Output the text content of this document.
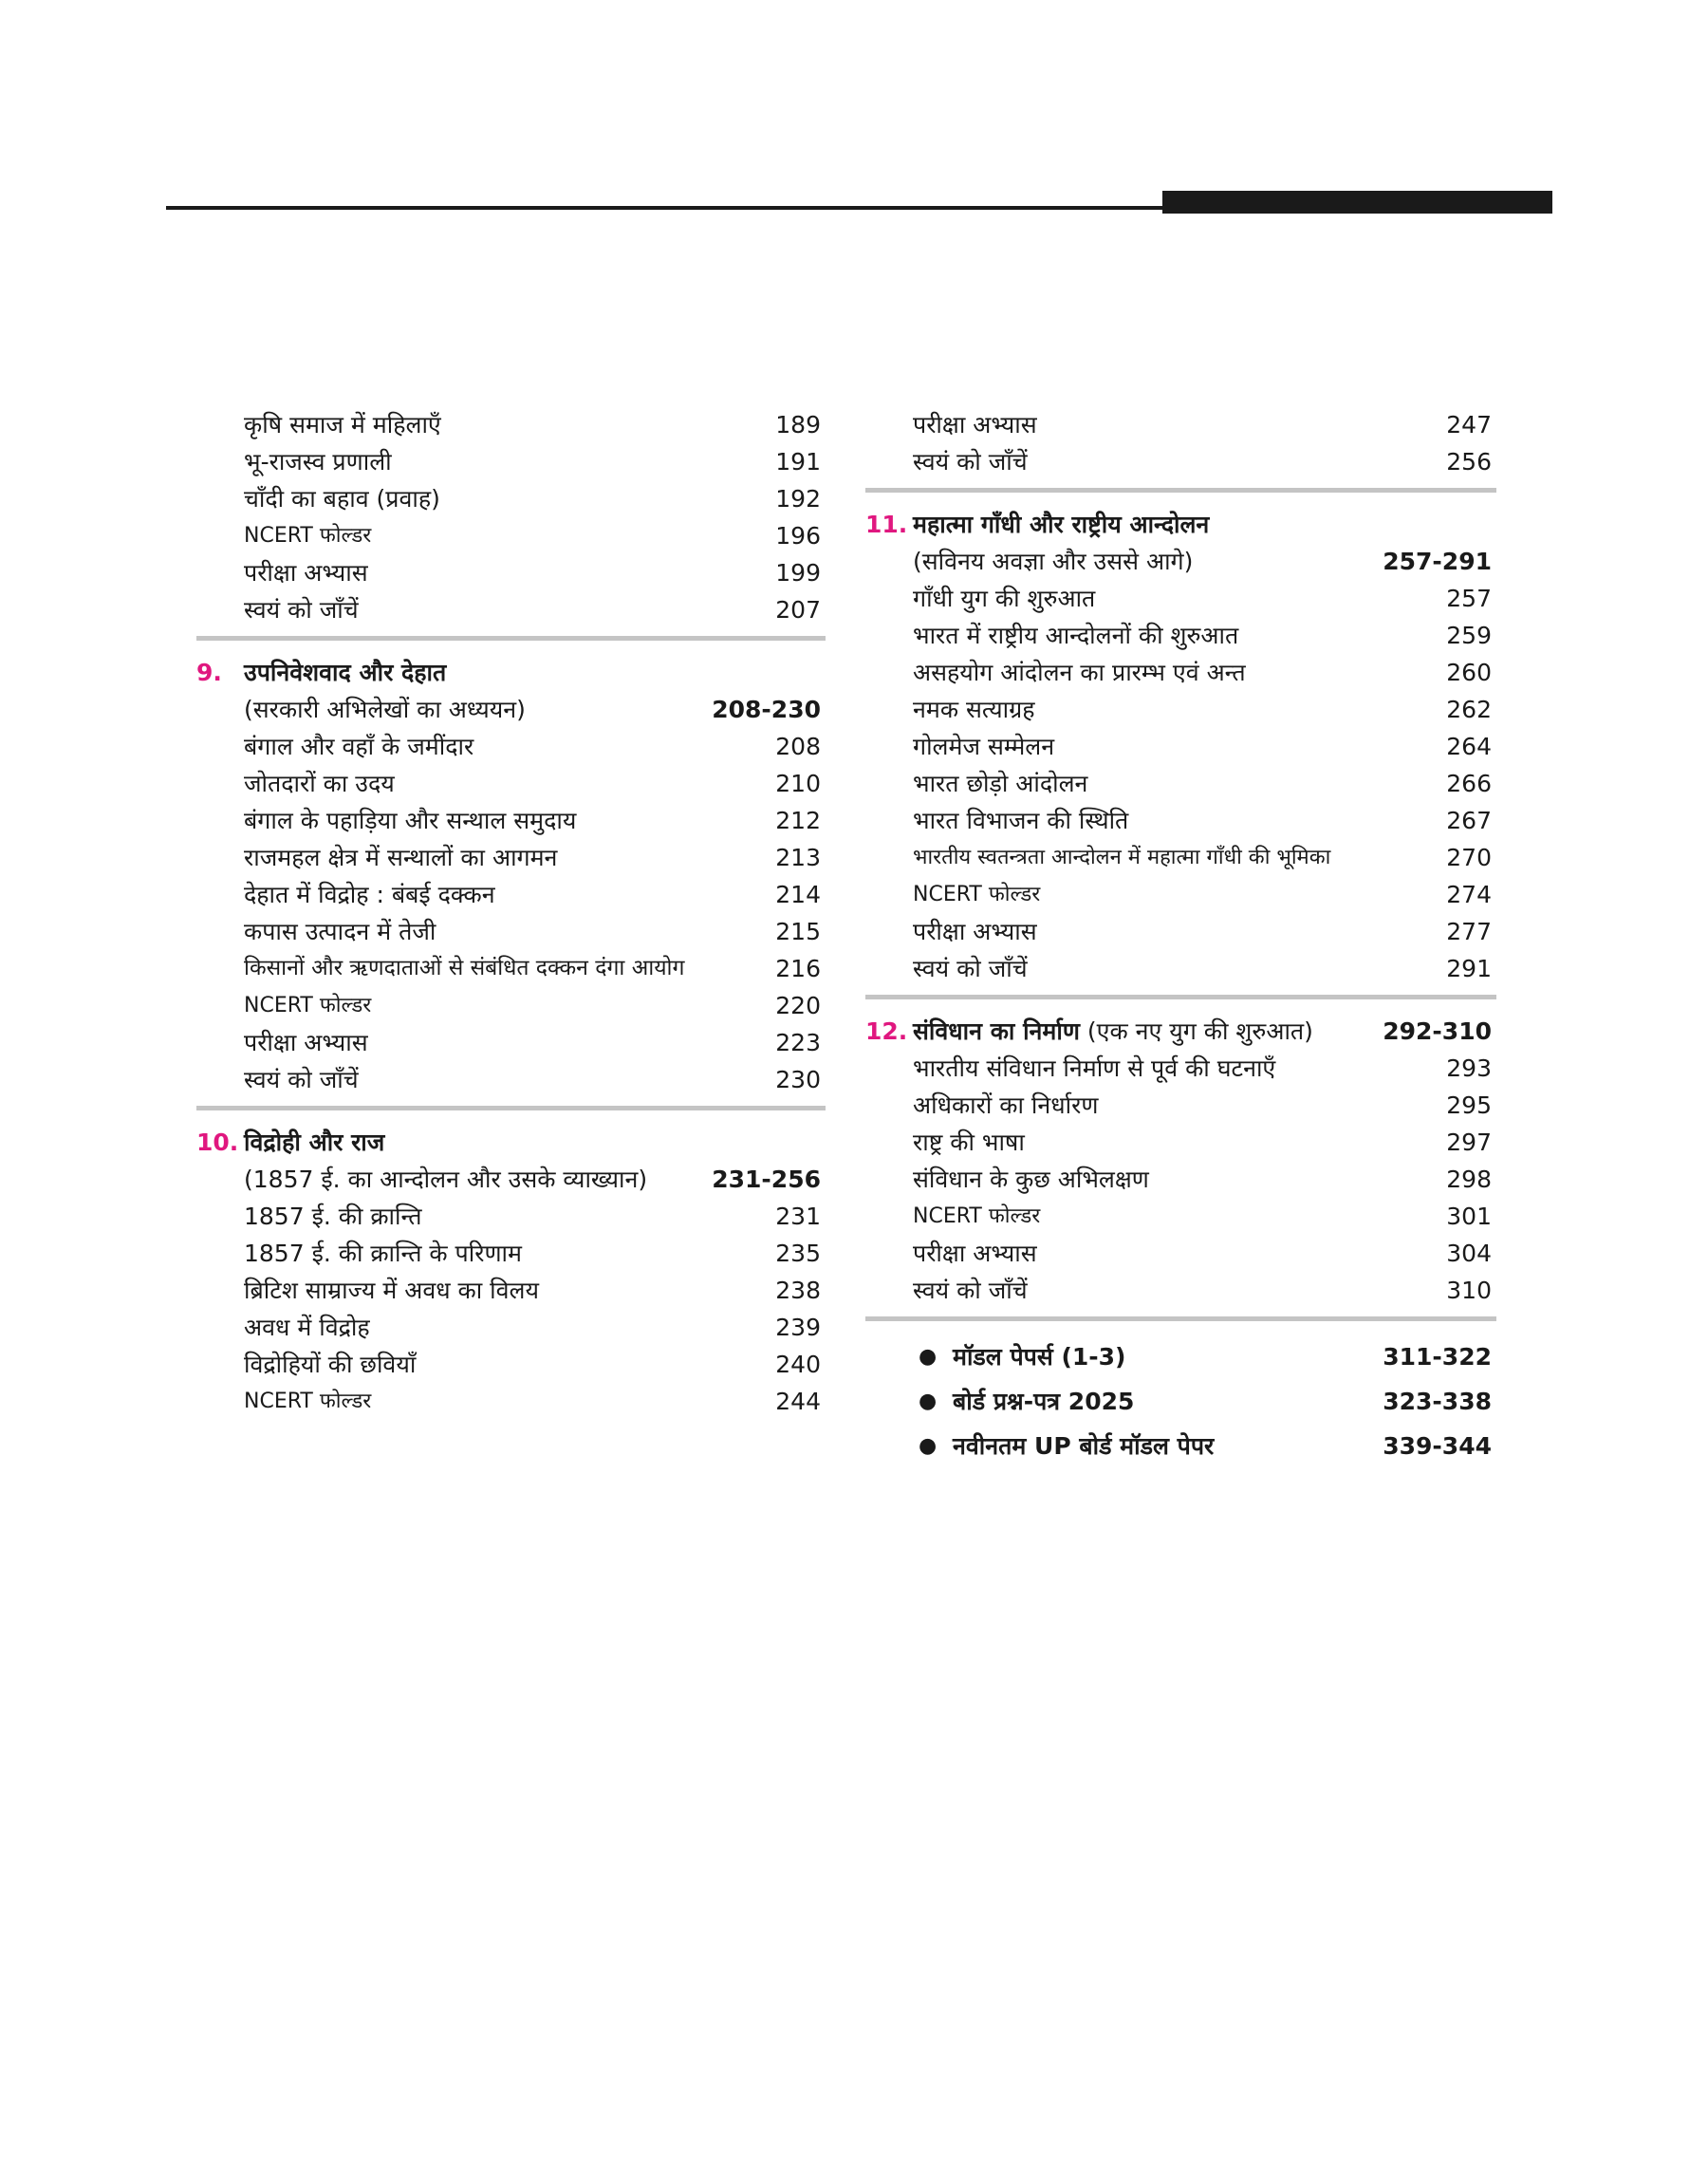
कृषि समाज में महिलाएँ	189
भू-राजस्व प्रणाली	191
चाँदी का बहाव (प्रवाह)	192
NCERT फोल्डर	196
परीक्षा अभ्यास	199
स्वयं को जाँचें	207
9. उपनिवेशवाद और देहात
(सरकारी अभिलेखों का अध्ययन)	208-230
बंगाल और वहाँ के जमींदार	208
जोतदारों का उदय	210
बंगाल के पहाड़िया और सन्थाल समुदाय	212
राजमहल क्षेत्र में सन्थालों का आगमन	213
देहात में विद्रोह : बंबई दक्कन	214
कपास उत्पादन में तेजी	215
किसानों और ऋणदाताओं से संबंधित दक्कन दंगा आयोग	216
NCERT फोल्डर	220
परीक्षा अभ्यास	223
स्वयं को जाँचें	230
10. विद्रोही और राज
(1857 ई. का आन्दोलन और उसके व्याख्यान)	231-256
1857 ई. की क्रान्ति	231
1857 ई. की क्रान्ति के परिणाम	235
ब्रिटिश साम्राज्य में अवध का विलय	238
अवध में विद्रोह	239
विद्रोहियों की छवियाँ	240
NCERT फोल्डर	244
परीक्षा अभ्यास	247
स्वयं को जाँचें	256
11. महात्मा गाँधी और राष्ट्रीय आन्दोलन
(सविनय अवज्ञा और उससे आगे)	257-291
गाँधी युग की शुरुआत	257
भारत में राष्ट्रीय आन्दोलनों की शुरुआत	259
असहयोग आंदोलन का प्रारम्भ एवं अन्त	260
नमक सत्याग्रह	262
गोलमेज सम्मेलन	264
भारत छोड़ो आंदोलन	266
भारत विभाजन की स्थिति	267
भारतीय स्वतन्त्रता आन्दोलन में महात्मा गाँधी की भूमिका	270
NCERT फोल्डर	274
परीक्षा अभ्यास	277
स्वयं को जाँचें	291
12. संविधान का निर्माण (एक नए युग की शुरुआत)	292-310
भारतीय संविधान निर्माण से पूर्व की घटनाएँ	293
अधिकारों का निर्धारण	295
राष्ट्र की भाषा	297
संविधान के कुछ अभिलक्षण	298
NCERT फोल्डर	301
परीक्षा अभ्यास	304
स्वयं को जाँचें	310
● मॉडल पेपर्स (1-3)	311-322
● बोर्ड प्रश्न-पत्र 2025	323-338
● नवीनतम UP बोर्ड मॉडल पेपर	339-344
